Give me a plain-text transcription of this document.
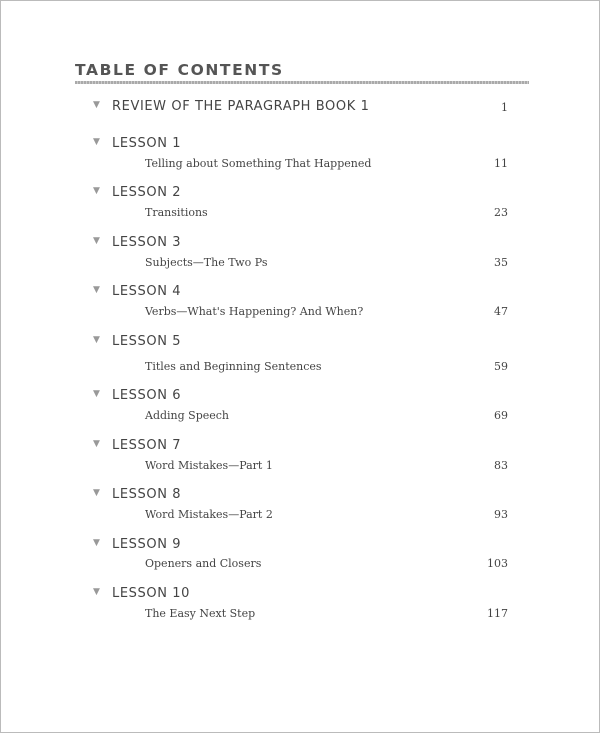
TABLE OF CONTENTS
▼ REVIEW OF THE PARAGRAPH BOOK 1	1
▼ LESSON 1
Telling about Something That Happened	11
▼ LESSON 2
Transitions	23
▼ LESSON 3
Subjects—The Two Ps	35
▼ LESSON 4
Verbs—What's Happening? And When?	47
▼ LESSON 5
Titles and Beginning Sentences	59
▼ LESSON 6
Adding Speech	69
▼ LESSON 7
Word Mistakes—Part 1	83
▼ LESSON 8
Word Mistakes—Part 2	93
▼ LESSON 9
Openers and Closers	103
▼ LESSON 10
The Easy Next Step	117
